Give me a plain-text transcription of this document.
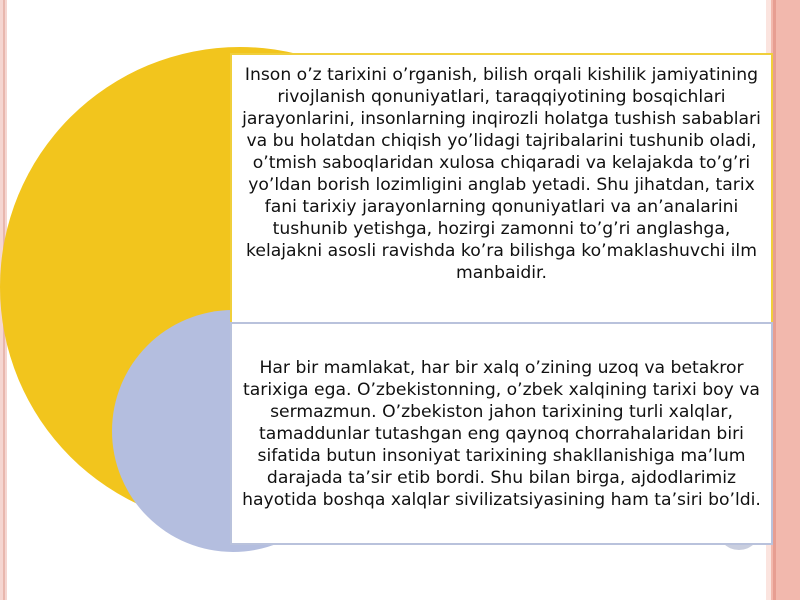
Inson o’z tarixini o’rganish, bilish orqali kishilik jamiyatining rivojlanish qonuniyatlari, taraqqiyotining bosqichlari jarayonlarini, insonlarning inqirozli holatga tushish sabablari va bu holatdan chiqish yo’lidagi tajribalarini tushunib oladi, o’tmish saboqlaridan xulosa chiqaradi va kelajakda to’g’ri yo’ldan borish lozimligini anglab yetadi. Shu jihatdan, tarix fani tarixiy jarayonlarning qonuniyatlari va an’analarini tushunib yetishga, hozirgi zamonni to’g’ri anglashga, kelajakni asosli ravishda ko’ra bilishga ko’maklashuvchi ilm manbaidir.
Har bir mamlakat, har bir xalq o’zining uzoq va betakror tarixiga ega. O’zbekistonning, o’zbek xalqining tarixi boy va sermazmun. O’zbekiston jahon tarixining turli xalqlar, tamaddunlar tutashgan eng qaynoq chorrahalaridan biri sifatida butun insoniyat tarixining shakllanishiga ma’lum darajada ta’sir etib bordi. Shu bilan birga, ajdodlarimiz hayotida boshqa xalqlar sivilizatsiyasining ham ta’siri bo’ldi.
